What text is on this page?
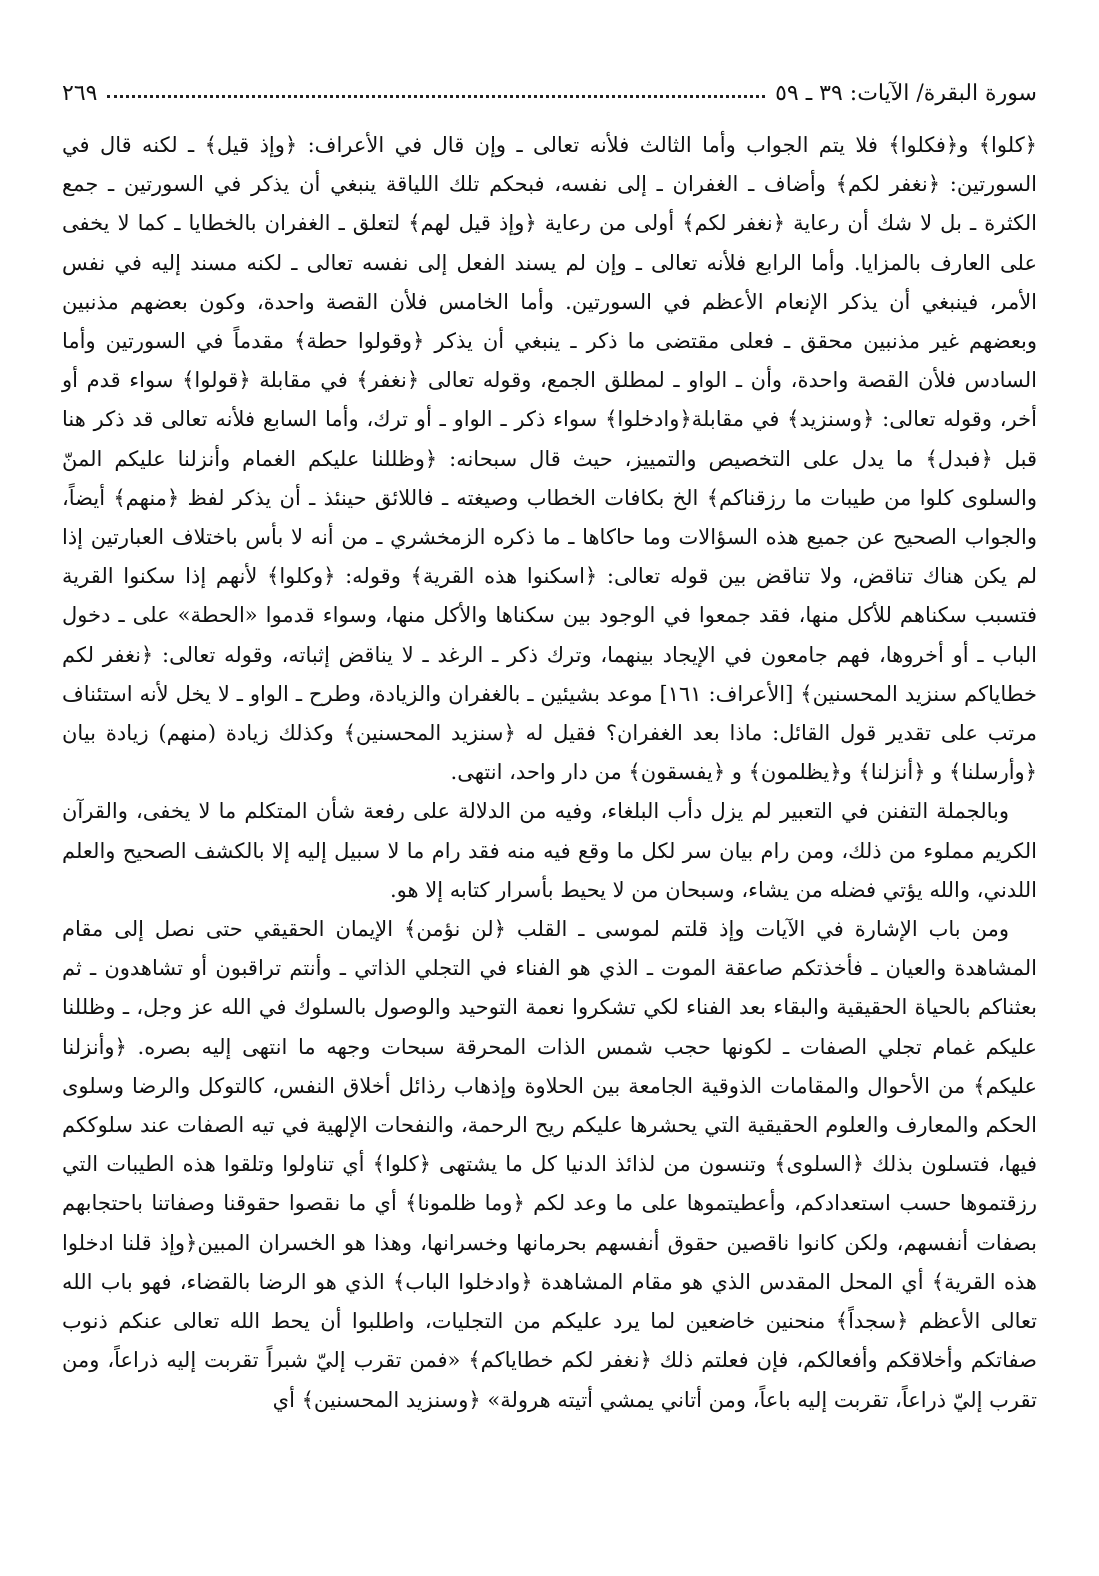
سورة البقرة/ الآيات: ٣٩ ـ ٥٩
٢٦٩

﴿كلوا﴾ و﴿فكلوا﴾ فلا يتم الجواب وأما الثالث فلأنه تعالى ـ وإن قال في الأعراف: ﴿وإذ قيل﴾ ـ لكنه قال في السورتين: ﴿نغفر لكم﴾ وأضاف ـ الغفران ـ إلى نفسه، فبحكم تلك اللياقة ينبغي أن يذكر في السورتين ـ جمع الكثرة ـ بل لا شك أن رعاية ﴿نغفر لكم﴾ أولى من رعاية ﴿وإذ قيل لهم﴾ لتعلق ـ الغفران بالخطايا ـ كما لا يخفى على العارف بالمزايا. وأما الرابع فلأنه تعالى ـ وإن لم يسند الفعل إلى نفسه تعالى ـ لكنه مسند إليه في نفس الأمر، فينبغي أن يذكر الإنعام الأعظم في السورتين. وأما الخامس فلأن القصة واحدة، وكون بعضهم مذنبين وبعضهم غير مذنبين محقق ـ فعلى مقتضى ما ذكر ـ ينبغي أن يذكر ﴿وقولوا حطة﴾ مقدماً في السورتين وأما السادس فلأن القصة واحدة، وأن ـ الواو ـ لمطلق الجمع، وقوله تعالى ﴿نغفر﴾ في مقابلة ﴿قولوا﴾ سواء قدم أو أخر، وقوله تعالى: ﴿وسنزيد﴾ في مقابلة﴿وادخلوا﴾ سواء ذكر ـ الواو ـ أو ترك، وأما السابع فلأنه تعالى قد ذكر هنا قبل ﴿فبدل﴾ ما يدل على التخصيص والتمييز، حيث قال سبحانه: ﴿وظللنا عليكم الغمام وأنزلنا عليكم المنّ والسلوى كلوا من طيبات ما رزقناكم﴾ الخ بكافات الخطاب وصيغته ـ فاللائق حينئذ ـ أن يذكر لفظ ﴿منهم﴾ أيضاً، والجواب الصحيح عن جميع هذه السؤالات وما حاكاها ـ ما ذكره الزمخشري ـ من أنه لا بأس باختلاف العبارتين إذا لم يكن هناك تناقض، ولا تناقض بين قوله تعالى: ﴿اسكنوا هذه القرية﴾ وقوله: ﴿وكلوا﴾ لأنهم إذا سكنوا القرية فتسبب سكناهم للأكل منها، فقد جمعوا في الوجود بين سكناها والأكل منها، وسواء قدموا «الحطة» على ـ دخول الباب ـ أو أخروها، فهم جامعون في الإيجاد بينهما، وترك ذكر ـ الرغد ـ لا يناقض إثباته، وقوله تعالى: ﴿نغفر لكم خطاياكم سنزيد المحسنين﴾ [الأعراف: ١٦١] موعد بشيئين ـ بالغفران والزيادة، وطرح ـ الواو ـ لا يخل لأنه استئناف مرتب على تقدير قول القائل: ماذا بعد الغفران؟ فقيل له ﴿سنزيد المحسنين﴾ وكذلك زيادة (منهم) زيادة بيان ﴿وأرسلنا﴾ و ﴿أنزلنا﴾ و﴿يظلمون﴾ و ﴿يفسقون﴾ من دار واحد، انتهى.

وبالجملة التفنن في التعبير لم يزل دأب البلغاء، وفيه من الدلالة على رفعة شأن المتكلم ما لا يخفى، والقرآن الكريم مملوء من ذلك، ومن رام بيان سر لكل ما وقع فيه منه فقد رام ما لا سبيل إليه إلا بالكشف الصحيح والعلم اللدني، والله يؤتي فضله من يشاء، وسبحان من لا يحيط بأسرار كتابه إلا هو.

ومن باب الإشارة في الآيات وإذ قلتم لموسى ـ القلب ﴿لن نؤمن﴾ الإيمان الحقيقي حتى نصل إلى مقام المشاهدة والعيان ـ فأخذتكم صاعقة الموت ـ الذي هو الفناء في التجلي الذاتي ـ وأنتم تراقبون أو تشاهدون ـ ثم بعثناكم بالحياة الحقيقية والبقاء بعد الفناء لكي تشكروا نعمة التوحيد والوصول بالسلوك في الله عز وجل، ـ وظللنا عليكم غمام تجلي الصفات ـ لكونها حجب شمس الذات المحرقة سبحات وجهه ما انتهى إليه بصره. ﴿وأنزلنا عليكم﴾ من الأحوال والمقامات الذوقية الجامعة بين الحلاوة وإذهاب رذائل أخلاق النفس، كالتوكل والرضا وسلوى الحكم والمعارف والعلوم الحقيقية التي يحشرها عليكم ريح الرحمة، والنفحات الإلهية في تيه الصفات عند سلوككم فيها، فتسلون بذلك ﴿السلوى﴾ وتنسون من لذائذ الدنيا كل ما يشتهى ﴿كلوا﴾ أي تناولوا وتلقوا هذه الطيبات التي رزقتموها حسب استعدادكم، وأعطيتموها على ما وعد لكم ﴿وما ظلمونا﴾ أي ما نقصوا حقوقنا وصفاتنا باحتجابهم بصفات أنفسهم، ولكن كانوا ناقصين حقوق أنفسهم بحرمانها وخسرانها، وهذا هو الخسران المبين﴿وإذ قلنا ادخلوا هذه القرية﴾ أي المحل المقدس الذي هو مقام المشاهدة ﴿وادخلوا الباب﴾ الذي هو الرضا بالقضاء، فهو باب الله تعالى الأعظم ﴿سجداً﴾ منحنين خاضعين لما يرد عليكم من التجليات، واطلبوا أن يحط الله تعالى عنكم ذنوب صفاتكم وأخلاقكم وأفعالكم، فإن فعلتم ذلك ﴿نغفر لكم خطاياكم﴾ «فمن تقرب إليّ شبراً تقربت إليه ذراعاً، ومن تقرب إليّ ذراعاً، تقربت إليه باعاً، ومن أتاني يمشي أتيته هرولة» ﴿وسنزيد المحسنين﴾ أي
